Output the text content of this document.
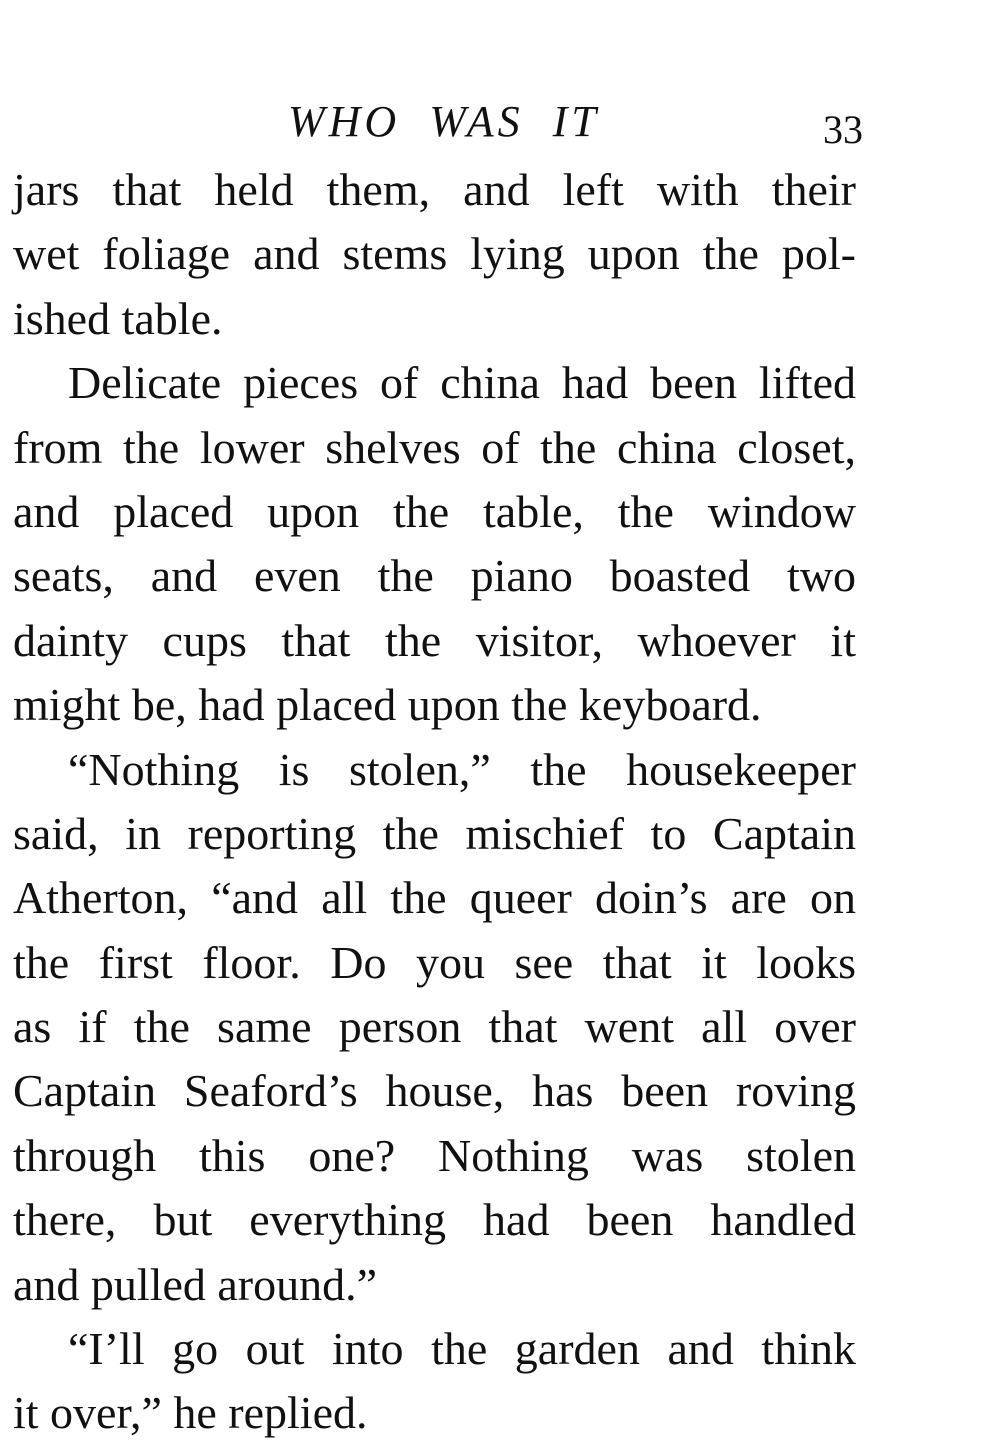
WHO WAS IT	33

jars that held them, and left with their
wet foliage and stems lying upon the pol-
ished table.

Delicate pieces of china had been lifted
from the lower shelves of the china closet,
and placed upon the table, the window
seats, and even the piano boasted two
dainty cups that the visitor, whoever it
might be, had placed upon the keyboard.

“Nothing is stolen,” the housekeeper
said, in reporting the mischief to Captain
Atherton, “and all the queer doin’s are on
the first floor. Do you see that it looks
as if the same person that went all over
Captain Seaford’s house, has been roving
through this one? Nothing was stolen
there, but everything had been handled
and pulled around.”

“I’ll go out into the garden and think
it over,” he replied.
